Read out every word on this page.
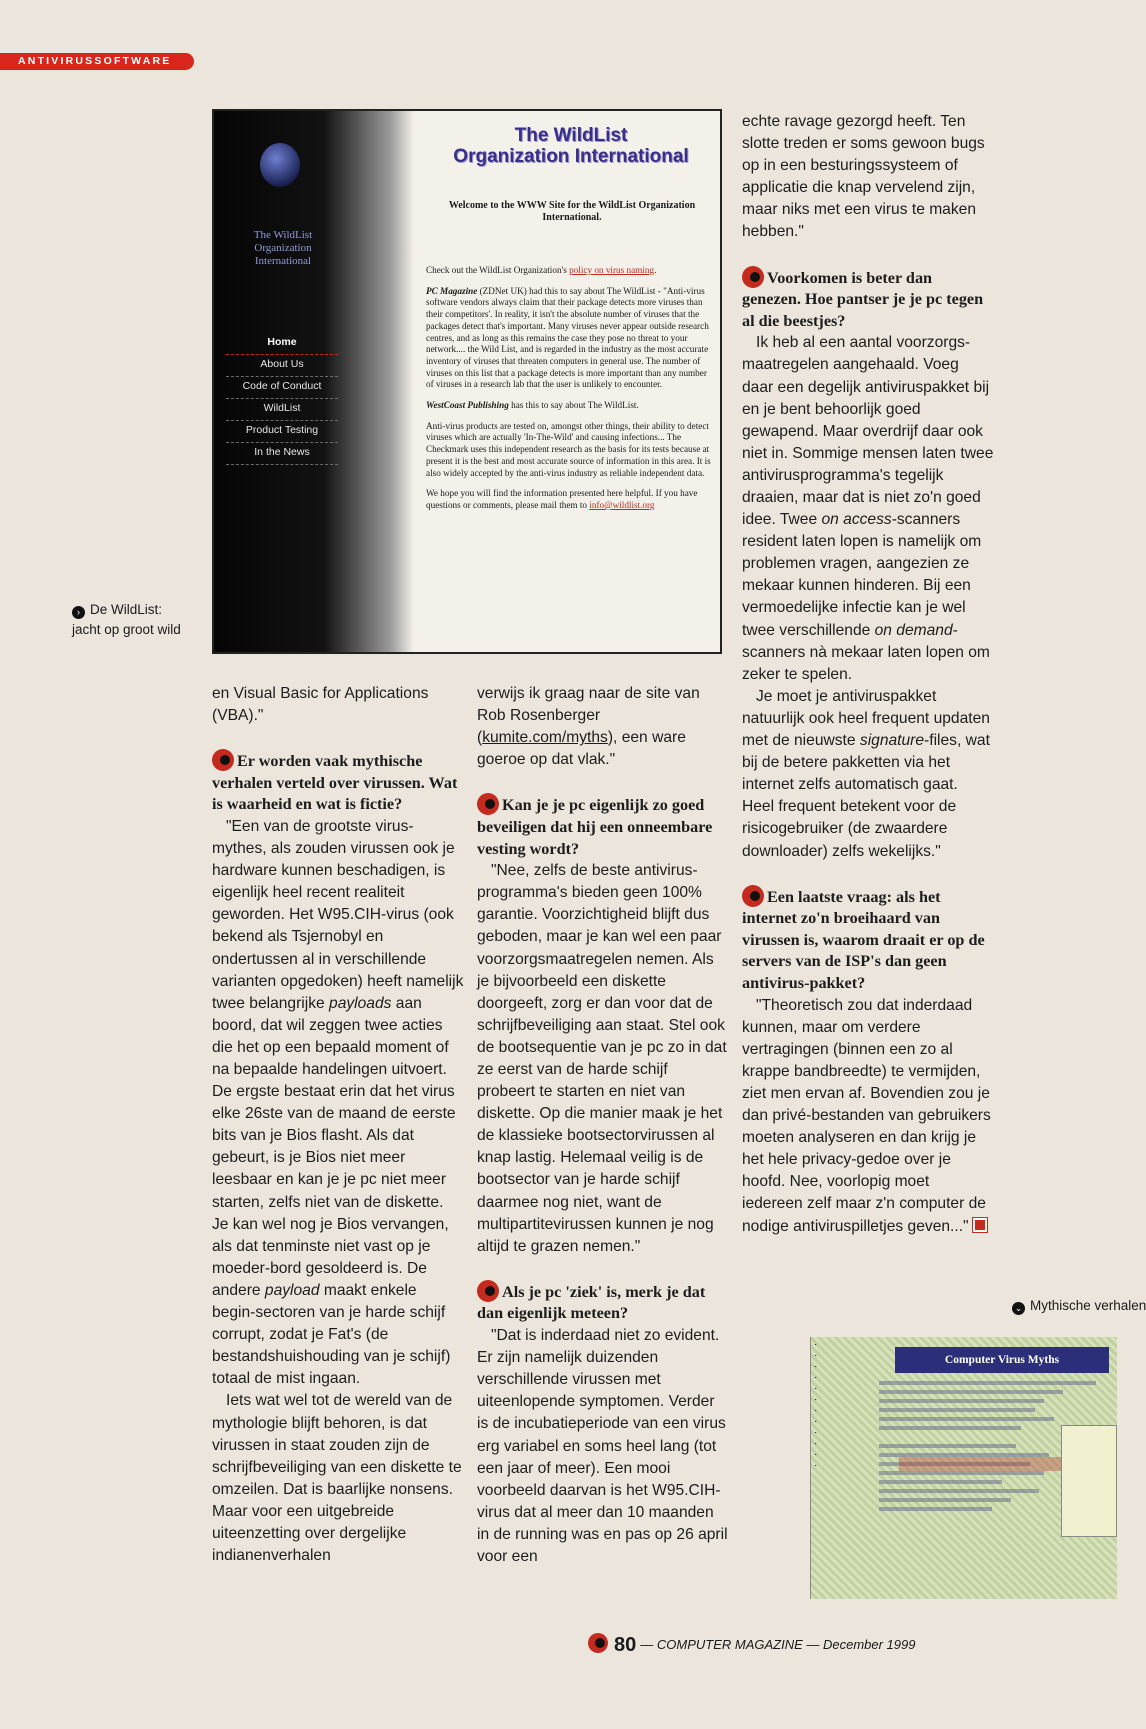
ANTIVIRUSSOFTWARE
The WildList Organization International
Home
About Us
Code of Conduct
WildList
Product Testing
In the News
The WildList
Organization International
Welcome to the WWW Site for the WildList Organization International.

Check out the WildList Organization's policy on virus naming.

PC Magazine (ZDNet UK) had this to say about The WildList - "Anti-virus software vendors always claim that their package detects more viruses than their competitors'. In reality, it isn't the absolute number of viruses that the packages detect that's important. Many viruses never appear outside research centres, and as long as this remains the case they pose no threat to your network.... the Wild List, and is regarded in the industry as the most accurate inventory of viruses that threaten computers in general use. The number of viruses on this list that a package detects is more important than any number of viruses in a research lab that the user is unlikely to encounter.

WestCoast Publishing has this to say about The WildList.

Anti-virus products are tested on, amongst other things, their ability to detect viruses which are actually 'In-The-Wild' and causing infections... The Checkmark uses this independent research as the basis for its tests because at present it is the best and most accurate source of information in this area. It is also widely accepted by the anti-virus industry as reliable independent data.

We hope you will find the information presented here helpful. If you have questions or comments, please mail them to info@wildlist.org

› De WildList:
jacht op groot wild

en Visual Basic for Applications (VBA)."

Er worden vaak mythische verhalen verteld over virussen. Wat is waarheid en wat is fictie?

"Een van de grootste virus-mythes, als zouden virussen ook je hardware kunnen beschadigen, is eigenlijk heel recent realiteit geworden. Het W95.CIH-virus (ook bekend als Tsjernobyl en ondertussen al in verschillende varianten opgedoken) heeft namelijk twee belangrijke payloads aan boord, dat wil zeggen twee acties die het op een bepaald moment of na bepaalde handelingen uitvoert. De ergste bestaat erin dat het virus elke 26ste van de maand de eerste bits van je Bios flasht. Als dat gebeurt, is je Bios niet meer leesbaar en kan je je pc niet meer starten, zelfs niet van de diskette. Je kan wel nog je Bios vervangen, als dat tenminste niet vast op je moeder-bord gesoldeerd is. De andere payload maakt enkele begin-sectoren van je harde schijf corrupt, zodat je Fat's (de bestandshuishouding van je schijf) totaal de mist ingaan.

Iets wat wel tot de wereld van de mythologie blijft behoren, is dat virussen in staat zouden zijn de schrijfbeveiliging van een diskette te omzeilen. Dat is baarlijke nonsens. Maar voor een uitgebreide uiteenzetting over dergelijke indianenverhalen

verwijs ik graag naar de site van Rob Rosenberger (kumite.com/myths), een ware goeroe op dat vlak."

Kan je je pc eigenlijk zo goed beveiligen dat hij een onneembare vesting wordt?

"Nee, zelfs de beste antivirus-programma's bieden geen 100% garantie. Voorzichtigheid blijft dus geboden, maar je kan wel een paar voorzorgsmaatregelen nemen. Als je bijvoorbeeld een diskette doorgeeft, zorg er dan voor dat de schrijfbeveiliging aan staat. Stel ook de bootsequentie van je pc zo in dat ze eerst van de harde schijf probeert te starten en niet van diskette. Op die manier maak je het de klassieke bootsectorvirussen al knap lastig. Helemaal veilig is de bootsector van je harde schijf daarmee nog niet, want de multipartitevirussen kunnen je nog altijd te grazen nemen."

Als je pc 'ziek' is, merk je dat dan eigenlijk meteen?

"Dat is inderdaad niet zo evident. Er zijn namelijk duizenden verschillende virussen met uiteenlopende symptomen. Verder is de incubatieperiode van een virus erg variabel en soms heel lang (tot een jaar of meer). Een mooi voorbeeld daarvan is het W95.CIH-virus dat al meer dan 10 maanden in de running was en pas op 26 april voor een

echte ravage gezorgd heeft. Ten slotte treden er soms gewoon bugs op in een besturingssysteem of applicatie die knap vervelend zijn, maar niks met een virus te maken hebben."

Voorkomen is beter dan genezen. Hoe pantser je je pc tegen al die beestjes?

Ik heb al een aantal voorzorgs-maatregelen aangehaald. Voeg daar een degelijk antiviruspakket bij en je bent behoorlijk goed gewapend. Maar overdrijf daar ook niet in. Sommige mensen laten twee antivirusprogramma's tegelijk draaien, maar dat is niet zo'n goed idee. Twee on access-scanners resident laten lopen is namelijk om problemen vragen, aangezien ze mekaar kunnen hinderen. Bij een vermoedelijke infectie kan je wel twee verschillende on demand-scanners nà mekaar laten lopen om zeker te spelen.

Je moet je antiviruspakket natuurlijk ook heel frequent updaten met de nieuwste signature-files, wat bij de betere pakketten via het internet zelfs automatisch gaat. Heel frequent betekent voor de risicogebruiker (de zwaardere downloader) zelfs wekelijks."

Een laatste vraag: als het internet zo'n broeihaard van virussen is, waarom draait er op de servers van de ISP's dan geen antivirus-pakket?

"Theoretisch zou dat inderdaad kunnen, maar om verdere vertragingen (binnen een zo al krappe bandbreedte) te vermijden, ziet men ervan af. Bovendien zou je dan privé-bestanden van gebruikers moeten analyseren en dan krijg je het hele privacy-gedoe over je hoofd. Nee, voorlopig moet iedereen zelf maar z'n computer de nodige antiviruspilletjes geven..."

⌄ Mythische verhalen

Computer Virus Myths
80 — COMPUTER MAGAZINE — December 1999
